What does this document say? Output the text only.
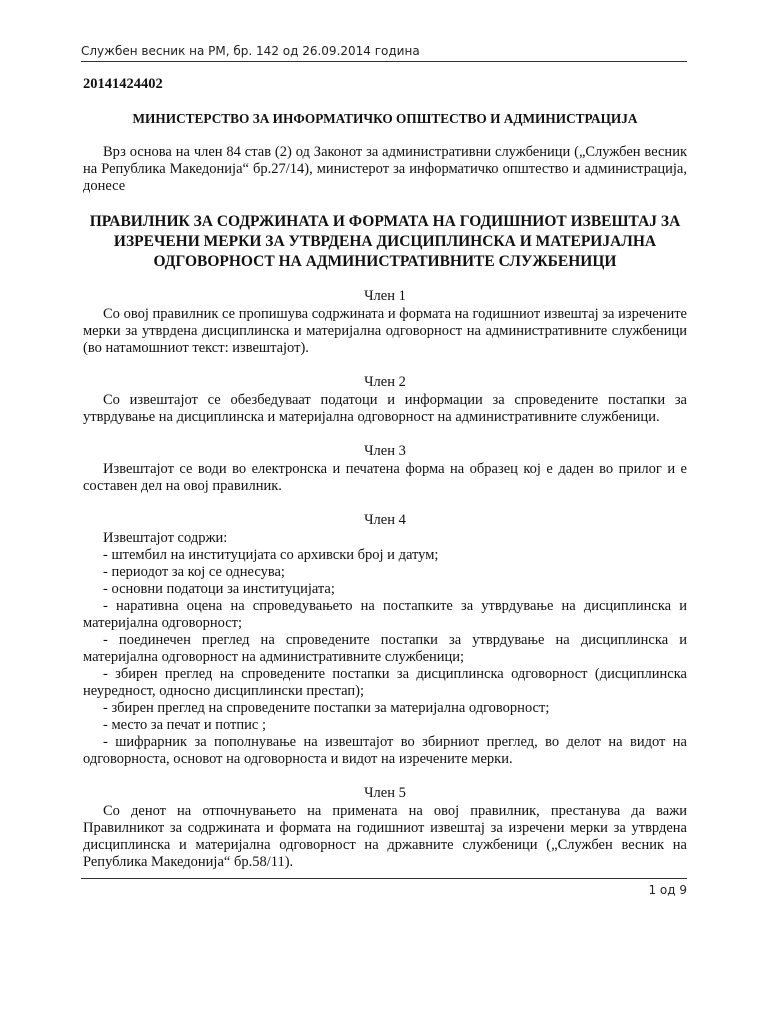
Службен весник на РМ, бр. 142 од 26.09.2014 година

20141424402

МИНИСТЕРСТВО ЗА ИНФОРМАТИЧКО ОПШТЕСТВО И АДМИНИСТРАЦИЈА

Врз основа на член 84 став (2) од Законот за административни службеници („Службен весник на Република Македонија“ бр.27/14), министерот за информатичко општество и администрација, донесе

ПРАВИЛНИК ЗА СОДРЖИНАТА И ФОРМАТА НА ГОДИШНИОТ ИЗВЕШТАЈ ЗА ИЗРЕЧЕНИ МЕРКИ ЗА УТВРДЕНА ДИСЦИПЛИНСКА И МАТЕРИЈАЛНА ОДГОВОРНОСТ НА АДМИНИСТРАТИВНИТЕ СЛУЖБЕНИЦИ

Член 1

Со овој правилник се пропишува содржината и формата на годишниот извештај за изречените мерки за утврдена дисциплинска и материјална одговорност на административните службеници (во натамошниот текст: извештајот).

Член 2

Со извештајот се обезбедуваат податоци и информации за спроведените постапки за утврдување на дисциплинска и материјална одговорност на административните службеници.

Член 3

Извештајот се води во електронска и печатена форма на образец кој е даден во прилог и е составен дел на овој правилник.

Член 4

Извештајот содржи:

- штембил на институцијата со архивски број и датум;
- периодот за кој се однесува;
- основни податоци за институцијата;
- наративна оцена на спроведувањето на постапките за утврдување на дисциплинска и материјална одговорност;
- поединечен преглед на спроведените постапки за утврдување на дисциплинска и материјална одговорност на административните службеници;
- збирен преглед на спроведените постапки за дисциплинска одговорност (дисциплинска неуредност, односно дисциплински престап);
- збирен преглед на спроведените постапки за материјална одговорност;
- место за печат и потпис ;
- шифрарник за пополнување на извештајот во збирниот преглед, во делот на видот на одговорноста, основот на одговорноста и видот на изречените мерки.

Член 5

Со денот на отпочнувањето на примената на овој правилник, престанува да важи Правилникот за содржината и формата на годишниот извештај за изречени мерки за утврдена дисциплинска и материјална одговорност на државните службеници („Службен весник на Република Македонија“ бр.58/11).

1 од 9
